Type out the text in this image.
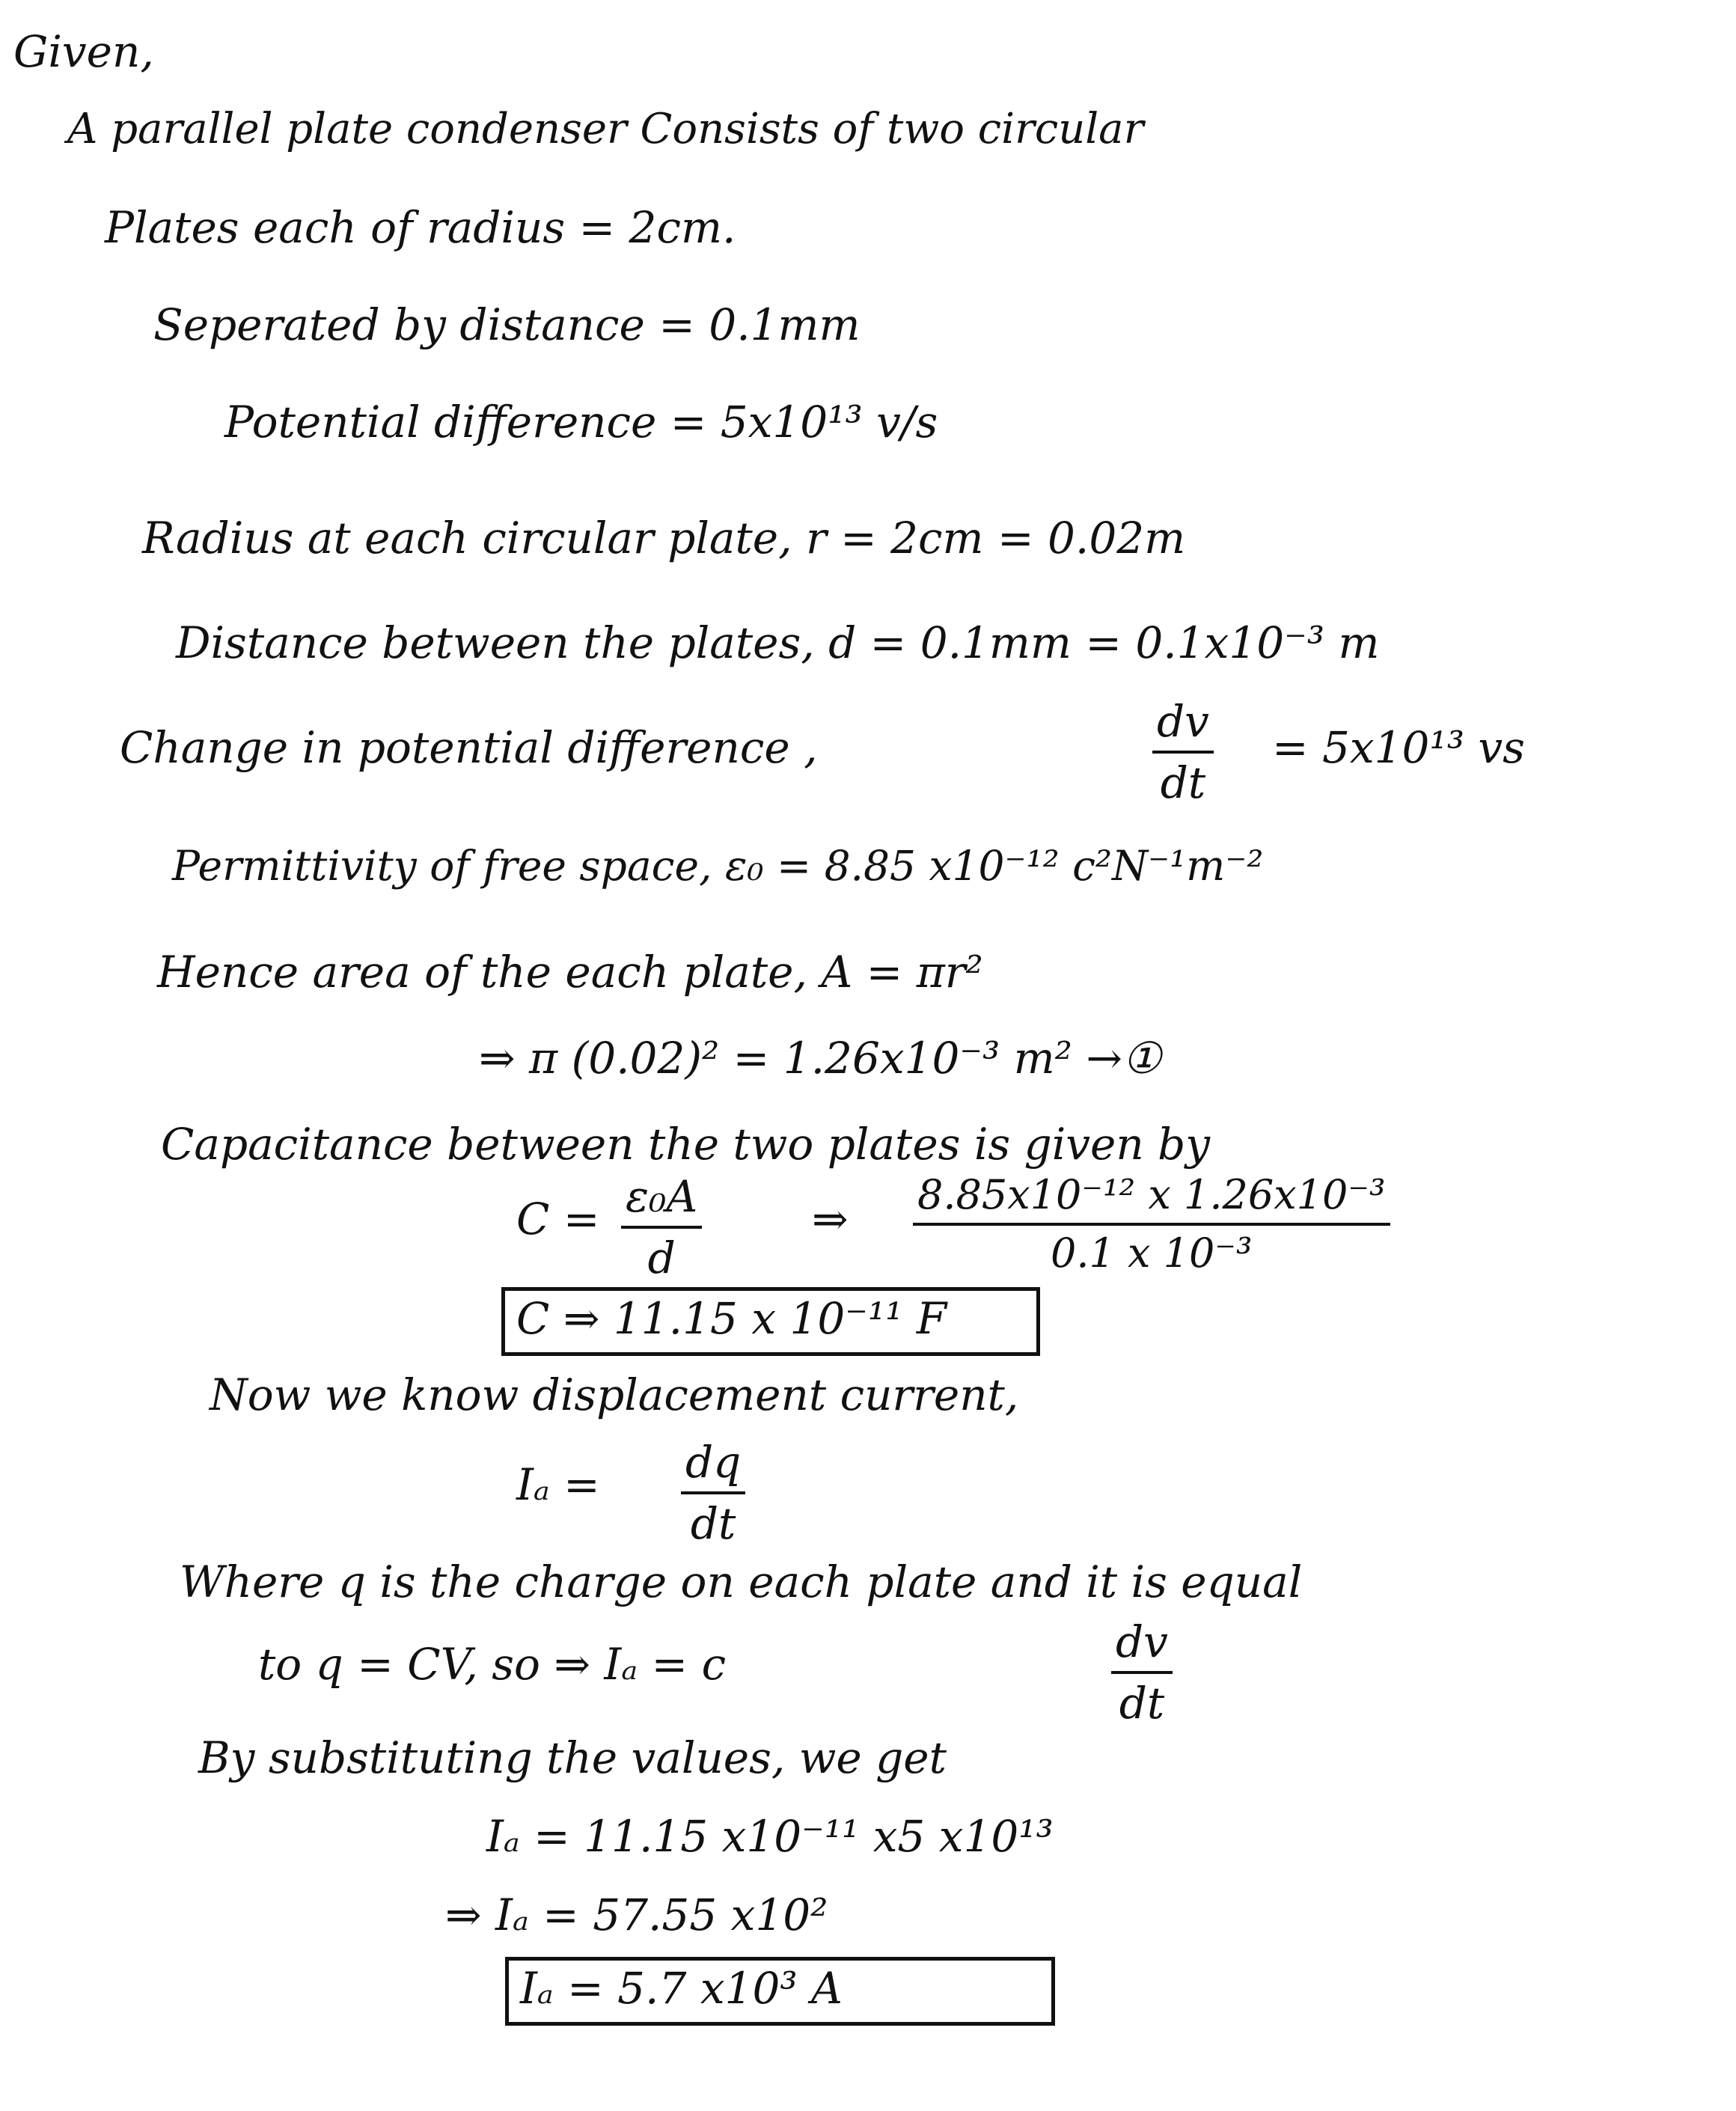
Given,
A parallel plate condenser Consists of two circular
Plates each of radius = 2cm.
Seperated by distance = 0.1mm
Potential difference = 5x10¹³ v/s
Radius at each circular plate, r = 2cm = 0.02m
Distance between the plates, d = 0.1mm = 0.1x10⁻³ m
Change in potential difference ,	$\frac{dv}{dt} = 5x10^{13}$ vs
Permittivity of free space, ε₀ = 8.85 x10⁻¹² c²N⁻¹m⁻²
Hence area of the each plate, A = πr²
⇒ π (0.02)² = 1.26x10⁻³ m² →①
Capacitance between the two plates is given by
$C = \frac{\text{ε₀A}}{d}$	⇒ $\frac{\text{8.85x10⁻¹² x 1.26x10⁻³}}{\text{0.1 x 10⁻³}}$
C ⇒ 11.15 x 10⁻¹¹ F
Now we know displacement current,
$I_a = \frac{dq}{dt}$
Where q is the charge on each plate and it is equal
to q = CV, so ⇒ Iₐ = c	$\frac{dv}{dt}$
By substituting the values, we get
Iₐ = 11.15 x10⁻¹¹ x5 x10¹³
⇒ Iₐ = 57.55 x10²
Iₐ = 5.7 x10³ A
